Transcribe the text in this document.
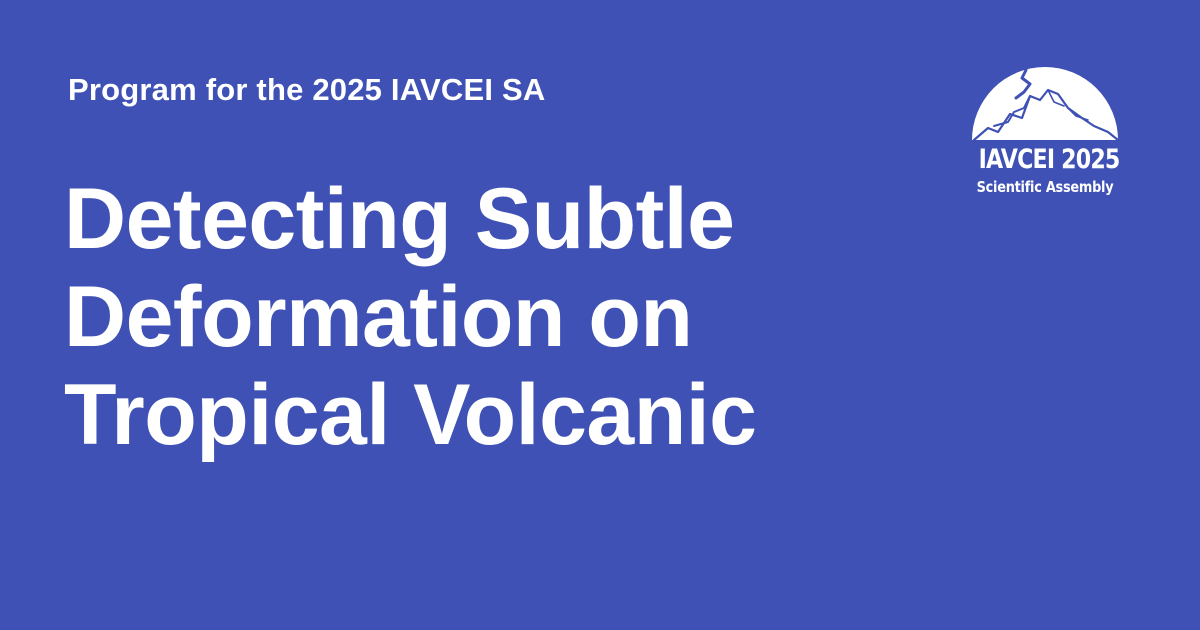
Program for the 2025 IAVCEI SA

Detecting Subtle
Deformation on
Tropical Volcanic
IAVCEI 2025
Scientific Assembly
